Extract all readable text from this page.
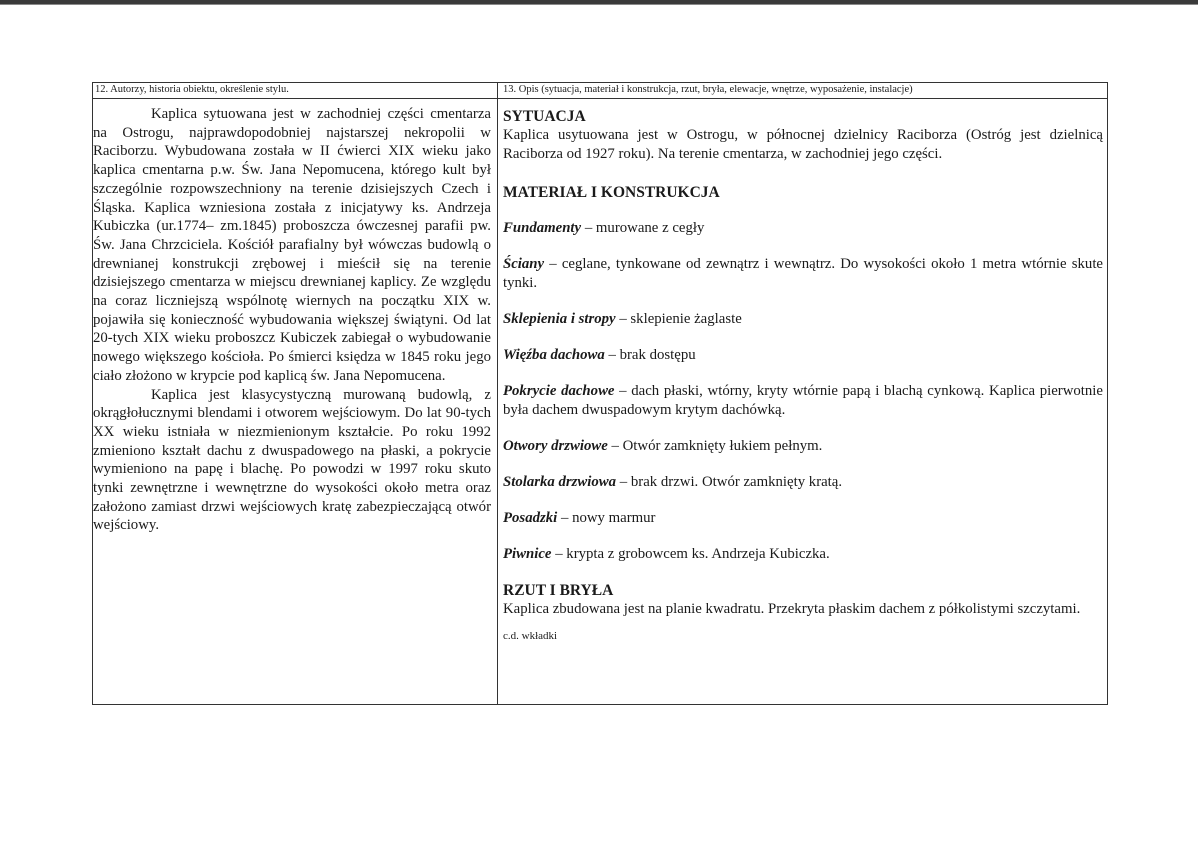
12. Autorzy, historia obiektu, określenie stylu.	13. Opis (sytuacja, materiał i konstrukcja, rzut, bryła, elewacje, wnętrze, wyposażenie, instalacje)

Kaplica sytuowana jest w zachodniej części cmentarza na Ostrogu, najprawdopodobniej najstarszej nekropolii w Raciborzu. Wybudowana została w II ćwierci XIX wieku jako kaplica cmentarna p.w. Św. Jana Nepomucena, którego kult był szczególnie rozpowszechniony na terenie dzisiejszych Czech i Śląska. Kaplica wzniesiona została z inicjatywy ks. Andrzeja Kubiczka (ur.1774– zm.1845) proboszcza ówczesnej parafii pw. Św. Jana Chrzciciela. Kościół parafialny był wówczas budowlą o drewnianej konstrukcji zrębowej i mieścił się na terenie dzisiejszego cmentarza w miejscu drewnianej kaplicy. Ze względu na coraz liczniejszą wspólnotę wiernych na początku XIX w. pojawiła się konieczność wybudowania większej świątyni. Od lat 20-tych XIX wieku proboszcz Kubiczek zabiegał o wybudowanie nowego większego kościoła. Po śmierci księdza w 1845 roku jego ciało złożono w krypcie pod kaplicą św. Jana Nepomucena.

Kaplica jest klasycystyczną murowaną budowlą, z okrągłołucznymi blendami i otworem wejściowym. Do lat 90-tych XX wieku istniała w niezmienionym kształcie. Po roku 1992 zmieniono kształt dachu z dwuspadowego na płaski, a pokrycie wymieniono na papę i blachę. Po powodzi w 1997 roku skuto tynki zewnętrzne i wewnętrzne do wysokości około metra oraz założono zamiast drzwi wejściowych kratę zabezpieczającą otwór wejściowy.

SYTUACJA
Kaplica usytuowana jest w Ostrogu, w północnej dzielnicy Raciborza (Ostróg jest dzielnicą Raciborza od 1927 roku). Na terenie cmentarza, w zachodniej jego części.
MATERIAŁ I KONSTRUKCJA
Fundamenty – murowane z cegły
Ściany – ceglane, tynkowane od zewnątrz i wewnątrz. Do wysokości około 1 metra wtórnie skute tynki.
Sklepienia i stropy – sklepienie żaglaste
Więźba dachowa – brak dostępu
Pokrycie dachowe – dach płaski, wtórny, kryty wtórnie papą i blachą cynkową. Kaplica pierwotnie była dachem dwuspadowym krytym dachówką.
Otwory drzwiowe – Otwór zamknięty łukiem pełnym.
Stolarka drzwiowa – brak drzwi. Otwór zamknięty kratą.
Posadzki – nowy marmur
Piwnice – krypta z grobowcem ks. Andrzeja Kubiczka.
RZUT I BRYŁA
Kaplica zbudowana jest na planie kwadratu. Przekryta płaskim dachem z półkolistymi szczytami.
c.d. wkładki
